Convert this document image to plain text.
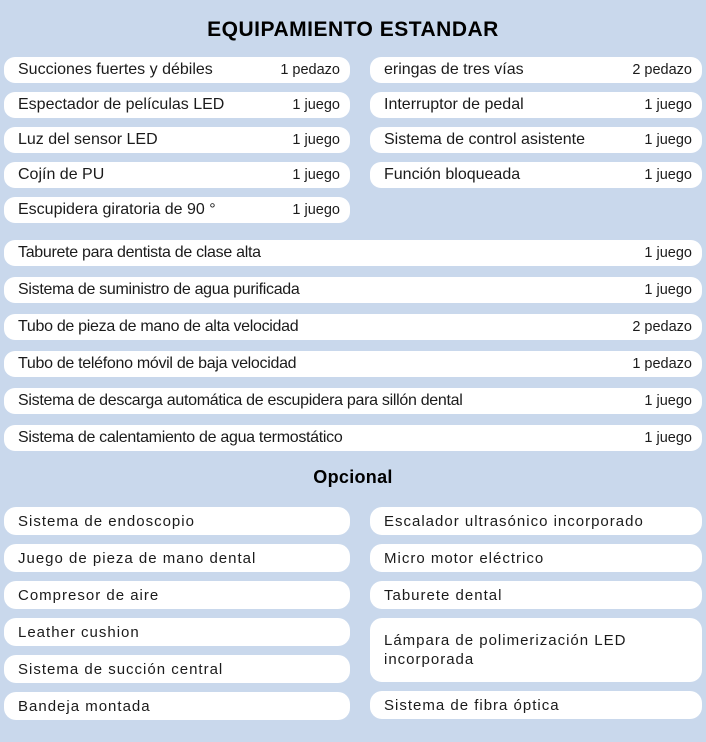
EQUIPAMIENTO ESTANDAR
Succiones fuertes y débiles	1 pedazo
Espectador de películas LED	1 juego
Luz del sensor LED	1 juego
Cojín de PU	1 juego
Escupidera giratoria de 90 °	1 juego
eringas de tres vías	2 pedazo
Interruptor de pedal	1 juego
Sistema de control asistente	1 juego
Función bloqueada	1 juego
Taburete para dentista de clase alta	1 juego
Sistema de suministro de agua purificada	1 juego
Tubo de pieza de mano de alta velocidad	2 pedazo
Tubo de teléfono móvil de baja velocidad	1 pedazo
Sistema de descarga automática de escupidera para sillón dental	1 juego
Sistema de calentamiento de agua termostático	1 juego
Opcional
Sistema de endoscopio
Juego de pieza de mano dental
Compresor de aire
Leather cushion
Sistema de succión central
Bandeja montada
Escalador ultrasónico incorporado
Micro motor eléctrico
Taburete dental
Lámpara de polimerización LED incorporada
Sistema de fibra óptica
